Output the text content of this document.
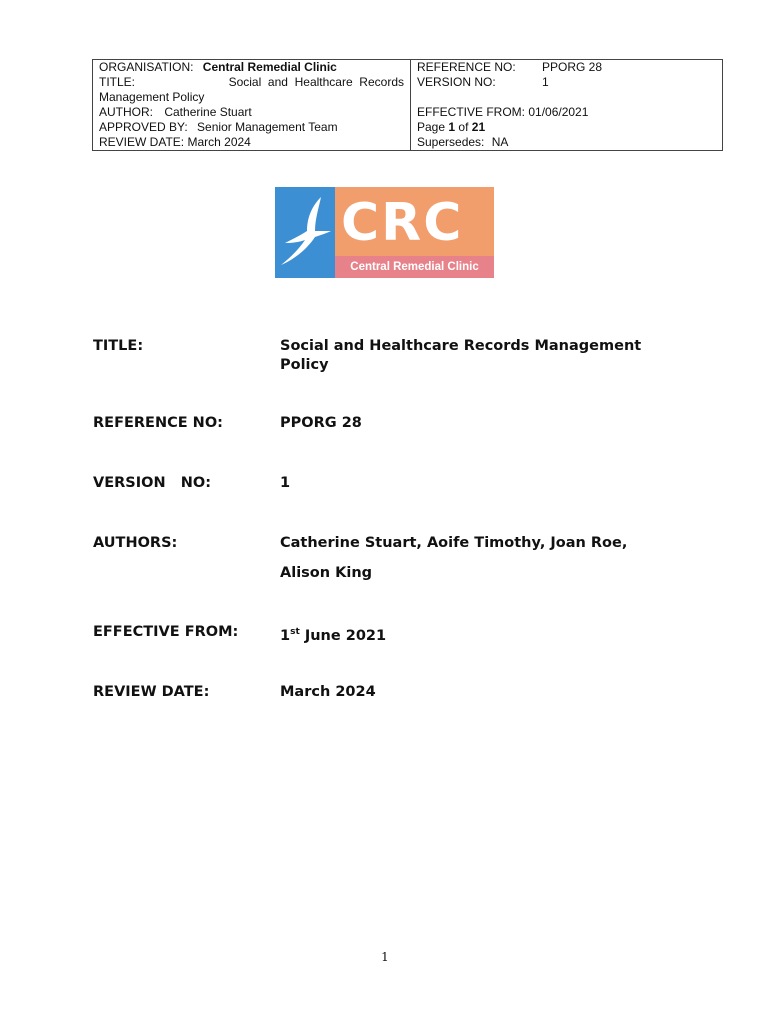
ORGANISATION: Central Remedial Clinic
TITLE:	Social  and  Healthcare  Records
Management Policy
AUTHOR: Catherine Stuart
APPROVED BY: Senior Management Team
REVIEW DATE: March 2024

REFERENCE NO:	PPORG 28
VERSION NO:	1
EFFECTIVE FROM: 01/06/2021
Page 1 of 21
Supersedes: NA
CRC
Central Remedial Clinic
TITLE:	Social and Healthcare Records Management
Policy
REFERENCE NO:	PPORG 28
VERSION   NO:	1
AUTHORS:	Catherine Stuart, Aoife Timothy, Joan Roe,
Alison King
EFFECTIVE FROM:	1st June 2021
REVIEW DATE:	March 2024
1
